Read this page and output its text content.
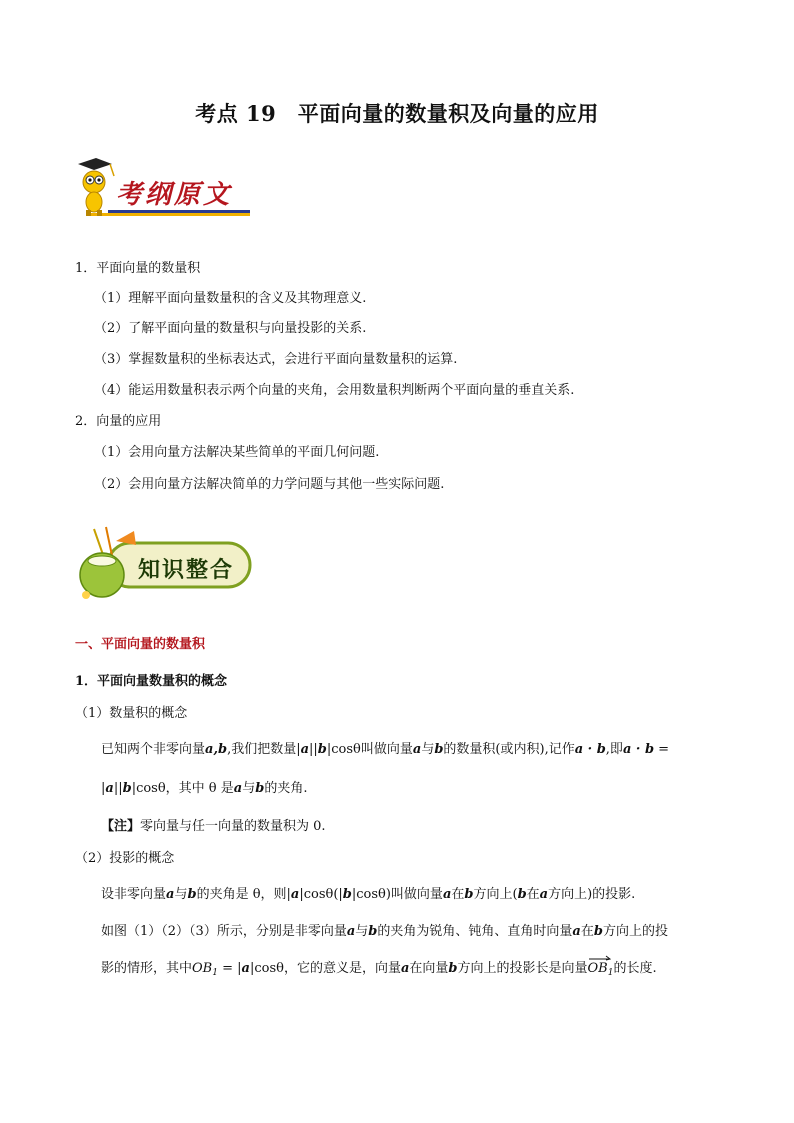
考点 19　平面向量的数量积及向量的应用
考纲原文
1．平面向量的数量积
（1）理解平面向量数量积的含义及其物理意义.
（2）了解平面向量的数量积与向量投影的关系.
（3）掌握数量积的坐标表达式，会进行平面向量数量积的运算.
（4）能运用数量积表示两个向量的夹角，会用数量积判断两个平面向量的垂直关系.
2．向量的应用
（1）会用向量方法解决某些简单的平面几何问题.
（2）会用向量方法解决简单的力学问题与其他一些实际问题.
知识整合
一、平面向量的数量积
1．平面向量数量积的概念
（1）数量积的概念
已知两个非零向量a,b,我们把数量|a||b|cosθ叫做向量a与b的数量积(或内积),记作a · b,即a · b =
|a||b|cosθ，其中 θ 是a与b的夹角.
【注】零向量与任一向量的数量积为 0.
（2）投影的概念
设非零向量a与b的夹角是 θ，则|a|cosθ(|b|cosθ)叫做向量a在b方向上(b在a方向上)的投影.
如图（1）（2）（3）所示，分别是非零向量a与b的夹角为锐角、钝角、直角时向量a在b方向上的投
影的情形，其中$OB_1 = |a|\cos\theta$，它的意义是，向量a在向量b方向上的投影长是向量
$OB_1$的长度.
